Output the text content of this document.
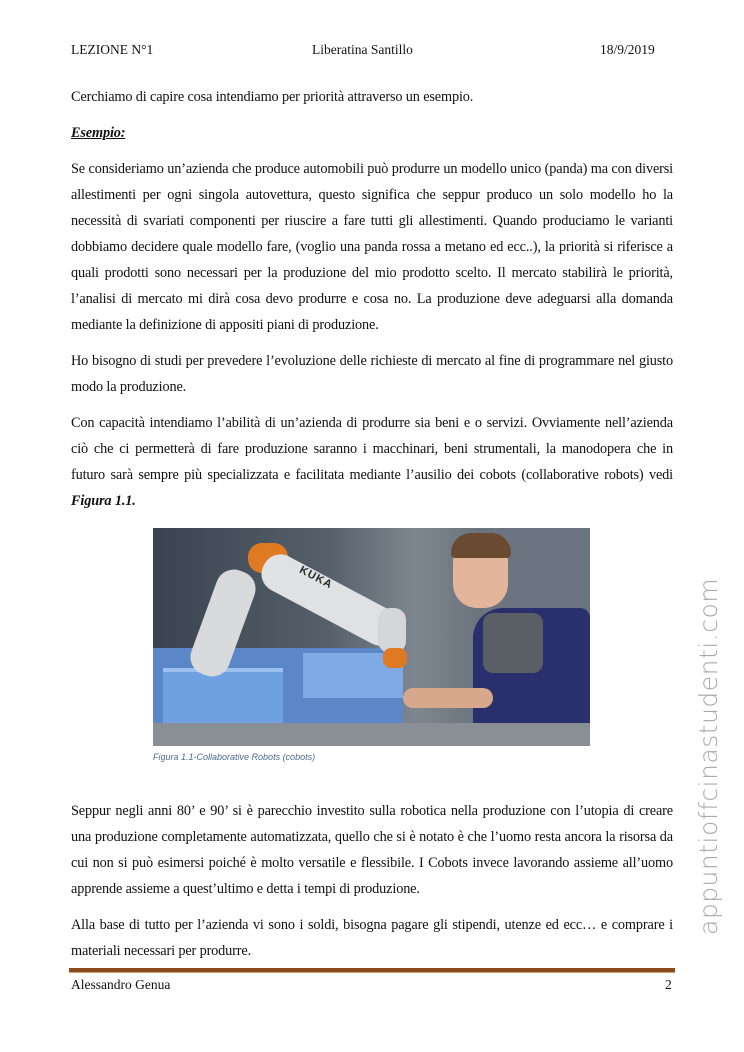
LEZIONE N°1	Liberatina Santillo	18/9/2019

Cerchiamo di capire cosa intendiamo per priorità attraverso un esempio.

Esempio:

Se consideriamo un’azienda che produce automobili può produrre un modello unico (panda) ma con diversi allestimenti per ogni singola autovettura, questo significa che seppur produco un solo modello ho la necessità di svariati componenti per riuscire a fare tutti gli allestimenti. Quando produciamo le varianti dobbiamo decidere quale modello fare, (voglio una panda rossa a metano ed ecc..), la priorità si riferisce a quali prodotti sono necessari per la produzione del mio prodotto scelto. Il mercato stabilirà le priorità, l’analisi di mercato mi dirà cosa devo produrre e cosa no. La produzione deve adeguarsi alla domanda mediante la definizione di appositi piani di produzione.

Ho bisogno di studi per prevedere l’evoluzione delle richieste di mercato al fine di programmare nel giusto modo la produzione.

Con capacità intendiamo l’abilità di un’azienda di produrre sia beni e o servizi. Ovviamente nell’azienda ciò che ci permetterà di fare produzione saranno i macchinari, beni strumentali, la manodopera che in futuro sarà sempre più specializzata e facilitata mediante l’ausilio dei cobots (collaborative robots) vedi Figura 1.1.

KUKA
Figura 1.1-Collaborative Robots (cobots)

Seppur negli anni 80’ e 90’ si è parecchio investito sulla robotica nella produzione con l’utopia di creare una produzione completamente automatizzata, quello che si è notato è che l’uomo resta ancora la risorsa da cui non si può esimersi poiché è molto versatile e flessibile. I Cobots invece lavorando assieme all’uomo apprende assieme a quest’ultimo e detta i tempi di produzione.

Alla base di tutto per l’azienda vi sono i soldi, bisogna pagare gli stipendi, utenze ed ecc… e comprare i materiali necessari per produrre.

appuntioffcinastudenti.com
Alessandro Genua	2
